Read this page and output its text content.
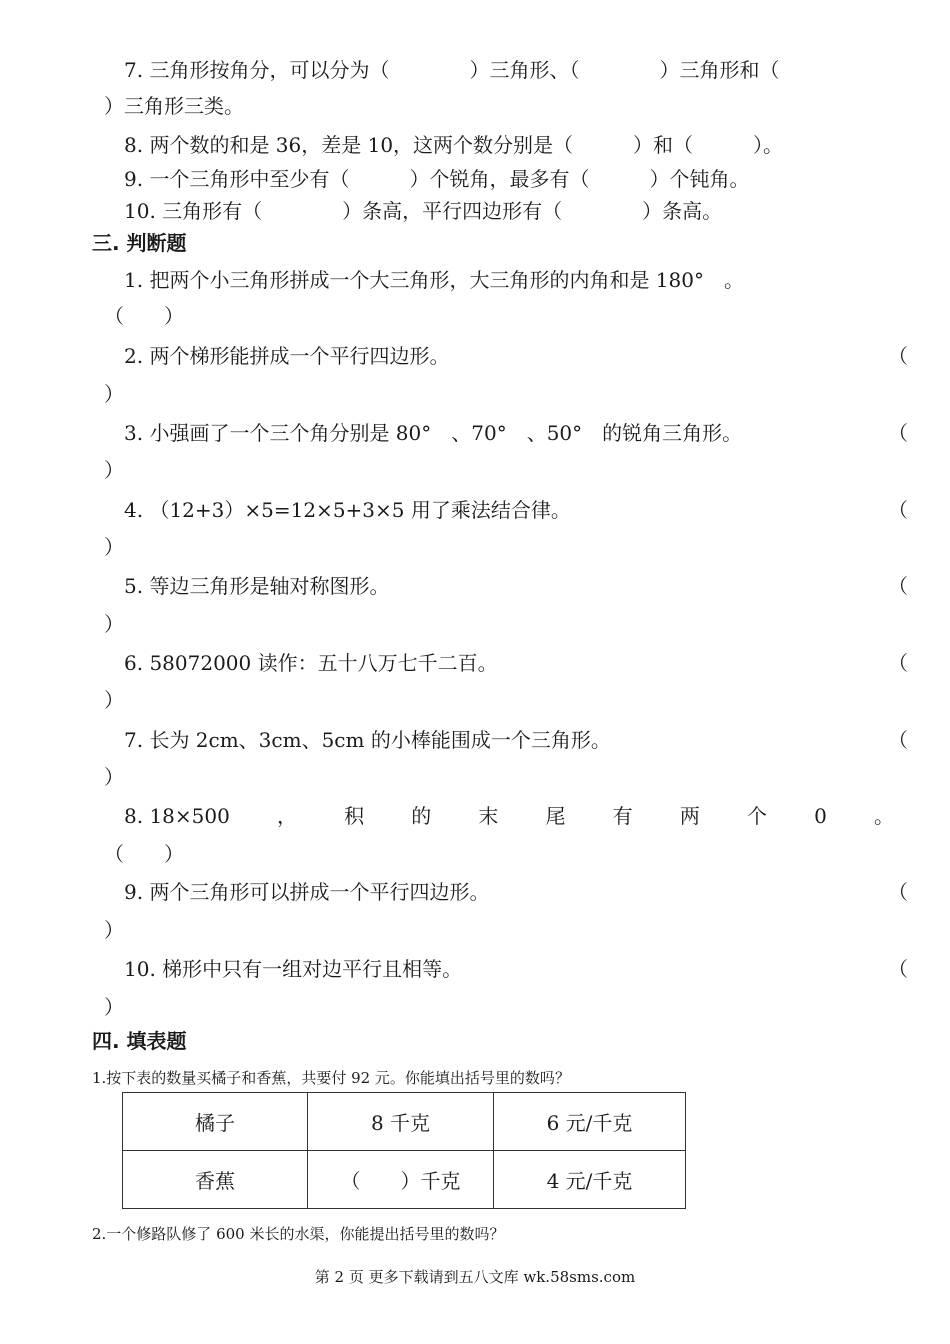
7. 三角形按角分，可以分为（　　　　）三角形、（　　　　）三角形和（
）三角形三类。
8. 两个数的和是 36，差是 10，这两个数分别是（　　　）和（　　　）。
9. 一个三角形中至少有（　　　）个锐角，最多有（　　　）个钝角。
10. 三角形有（　　　　）条高，平行四边形有（　　　　）条高。
三. 判断题
1. 把两个小三角形拼成一个大三角形，大三角形的内角和是 180°　。
（　　）
2. 两个梯形能拼成一个平行四边形。	（
）
3. 小强画了一个三个角分别是 80°　、70°　、50°　的锐角三角形。	（
）
4. （12+3）×5=12×5+3×5 用了乘法结合律。	（
）
5. 等边三角形是轴对称图形。	（
）
6. 58072000 读作：五十八万七千二百。	（
）
7. 长为 2cm、3cm、5cm 的小棒能围成一个三角形。	（
）
8. 18×500 ， 积 的 末 尾 有 两 个 0 。
（　　）
9. 两个三角形可以拼成一个平行四边形。	（
）
10. 梯形中只有一组对边平行且相等。	（
）
四. 填表题
1.按下表的数量买橘子和香蕉，共要付 92 元。你能填出括号里的数吗？
橘子	8 千克	6 元/千克
香蕉	（　　）千克	4 元/千克
2.一个修路队修了 600 米长的水渠，你能提出括号里的数吗？
第 2 页 更多下载请到五八文库 wk.58sms.com
